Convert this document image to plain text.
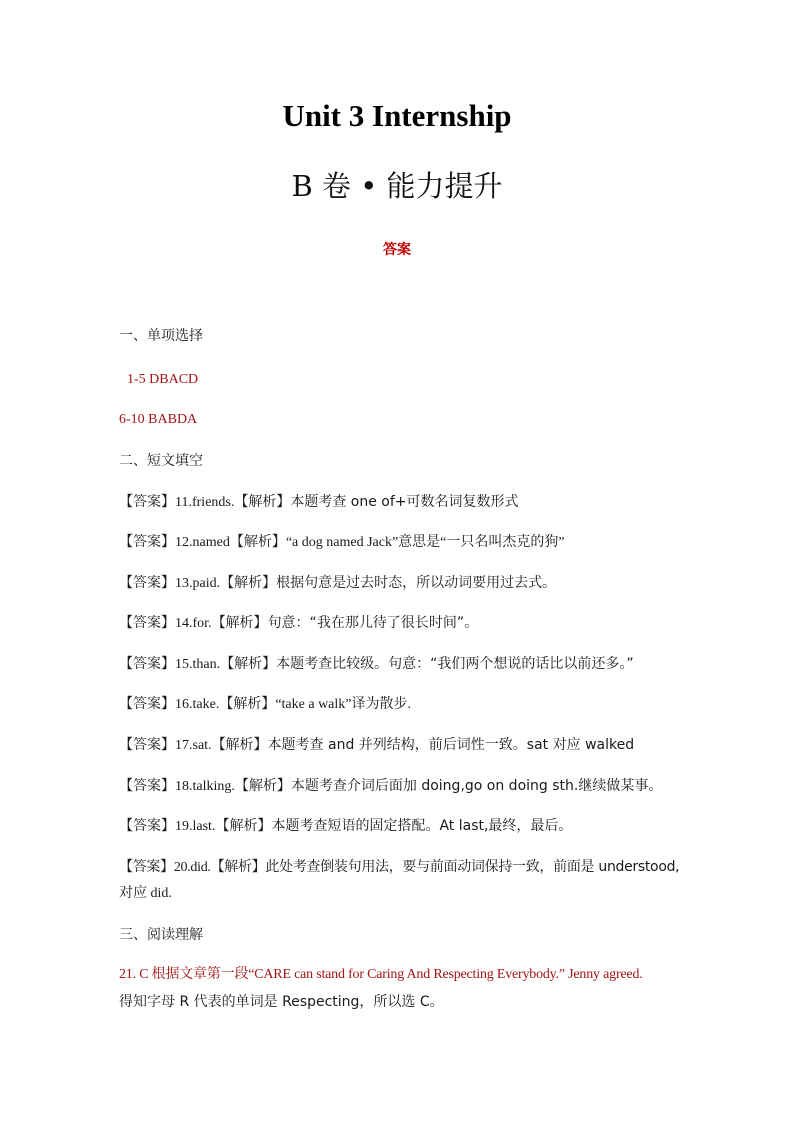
Unit 3 Internship
B 卷 • 能力提升
答案
一、单项选择
1-5 DBACD
6-10 BABDA
二、短文填空
【答案】11.friends.【解析】本题考查 one of+可数名词复数形式
【答案】12.named【解析】“a dog named Jack”意思是“一只名叫杰克的狗”
【答案】13.paid.【解析】根据句意是过去时态，所以动词要用过去式。
【答案】14.for.【解析】句意：“我在那儿待了很长时间”。
【答案】15.than.【解析】本题考查比较级。句意：“我们两个想说的话比以前还多。”
【答案】16.take.【解析】“take a walk”译为散步.
【答案】17.sat.【解析】本题考查 and 并列结构，前后词性一致。sat 对应 walked
【答案】18.talking.【解析】本题考查介词后面加 doing,go on doing sth.继续做某事。
【答案】19.last.【解析】本题考查短语的固定搭配。At last,最终，最后。
【答案】20.did.【解析】此处考查倒装句用法，要与前面动词保持一致，前面是 understood,
对应 did.
三、阅读理解
21. C 根据文章第一段“CARE can stand for Caring And Respecting Everybody.” Jenny agreed.
得知字母 R 代表的单词是 Respecting，所以选 C。
